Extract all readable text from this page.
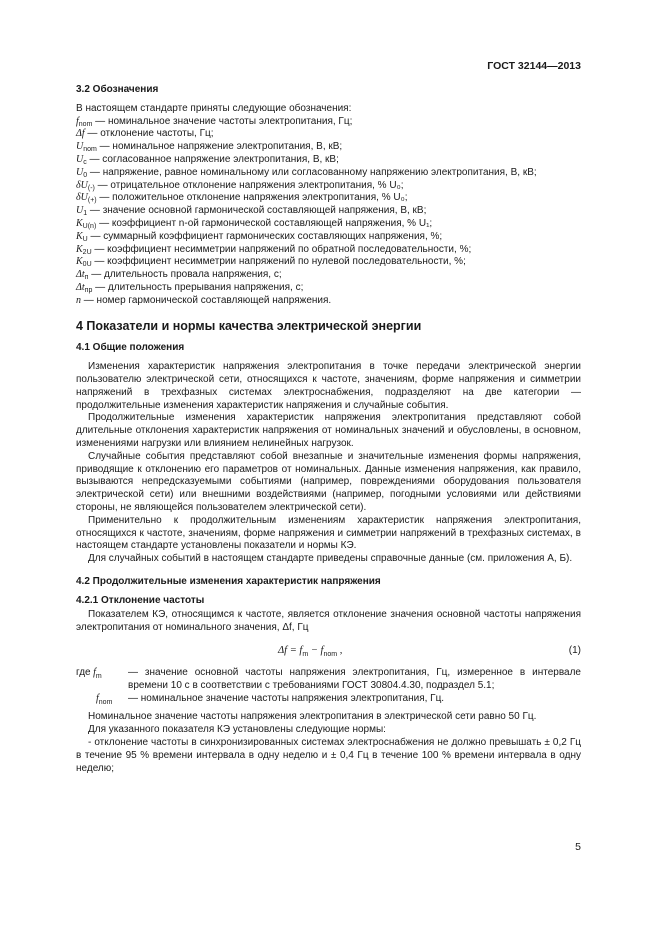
ГОСТ 32144—2013
3.2 Обозначения
В настоящем стандарте приняты следующие обозначения:
$f_{nom}$ — номинальное значение частоты электропитания, Гц;
Δf — отклонение частоты, Гц;
$U_{nom}$ — номинальное напряжение электропитания, В, кВ;
$U_c$ — согласованное напряжение электропитания, В, кВ;
$U_0$ — напряжение, равное номинальному или согласованному напряжению электропитания, В, кВ;
$\delta U_{(-)}$ — отрицательное отклонение напряжения электропитания, % U₀;
$\delta U_{(+)}$ — положительное отклонение напряжения электропитания, % U₀;
$U_1$ — значение основной гармонической составляющей напряжения, В, кВ;
$K_{U(n)}$ — коэффициент n-ой гармонической составляющей напряжения, % U₁;
$K_U$ — суммарный коэффициент гармонических составляющих напряжения, %;
$K_{2U}$ — коэффициент несимметрии напряжений по обратной последовательности, %;
$K_{0U}$ — коэффициент несимметрии напряжений по нулевой последовательности, %;
$\Delta t_п$ — длительность провала напряжения, с;
$\Delta t_{пр}$ — длительность прерывания напряжения, с;
n — номер гармонической составляющей напряжения.
4 Показатели и нормы качества электрической энергии
4.1 Общие положения

Изменения характеристик напряжения электропитания в точке передачи электрической энергии пользователю электрической сети, относящихся к частоте, значениям, форме напряжения и симметрии напряжений в трехфазных системах электроснабжения, подразделяют на две категории — продолжительные изменения характеристик напряжения и случайные события.

Продолжительные изменения характеристик напряжения электропитания представляют собой длительные отклонения характеристик напряжения от номинальных значений и обусловлены, в основном, изменениями нагрузки или влиянием нелинейных нагрузок.

Случайные события представляют собой внезапные и значительные изменения формы напряжения, приводящие к отклонению его параметров от номинальных. Данные изменения напряжения, как правило, вызываются непредсказуемыми событиями (например, повреждениями оборудования пользователя электрической сети) или внешними воздействиями (например, погодными условиями или действиями стороны, не являющейся пользователем электрической сети).

Применительно к продолжительным изменениям характеристик напряжения электропитания, относящихся к частоте, значениям, форме напряжения и симметрии напряжений в трехфазных системах, в настоящем стандарте установлены показатели и нормы КЭ.

Для случайных событий в настоящем стандарте приведены справочные данные (см. приложения А, Б).

4.2 Продолжительные изменения характеристик напряжения
4.2.1 Отклонение частоты

Показателем КЭ, относящимся к частоте, является отклонение значения основной частоты напряжения электропитания от номинального значения, Δf, Гц

$\Delta f = f_m - f_{nom}$ ,	(1)
где $f_m$	— значение основной частоты напряжения электропитания, Гц, измеренное в интервале времени 10 с в соответствии с требованиями ГОСТ 30804.4.30, подраздел 5.1;
$f_{nom}$	— номинальное значение частоты напряжения электропитания, Гц.

Номинальное значение частоты напряжения электропитания в электрической сети равно 50 Гц.

Для указанного показателя КЭ установлены следующие нормы:

- отклонение частоты в синхронизированных системах электроснабжения не должно превышать ± 0,2 Гц в течение 95 % времени интервала в одну неделю и ± 0,4 Гц в течение 100 % времени интервала в одну неделю;

5
